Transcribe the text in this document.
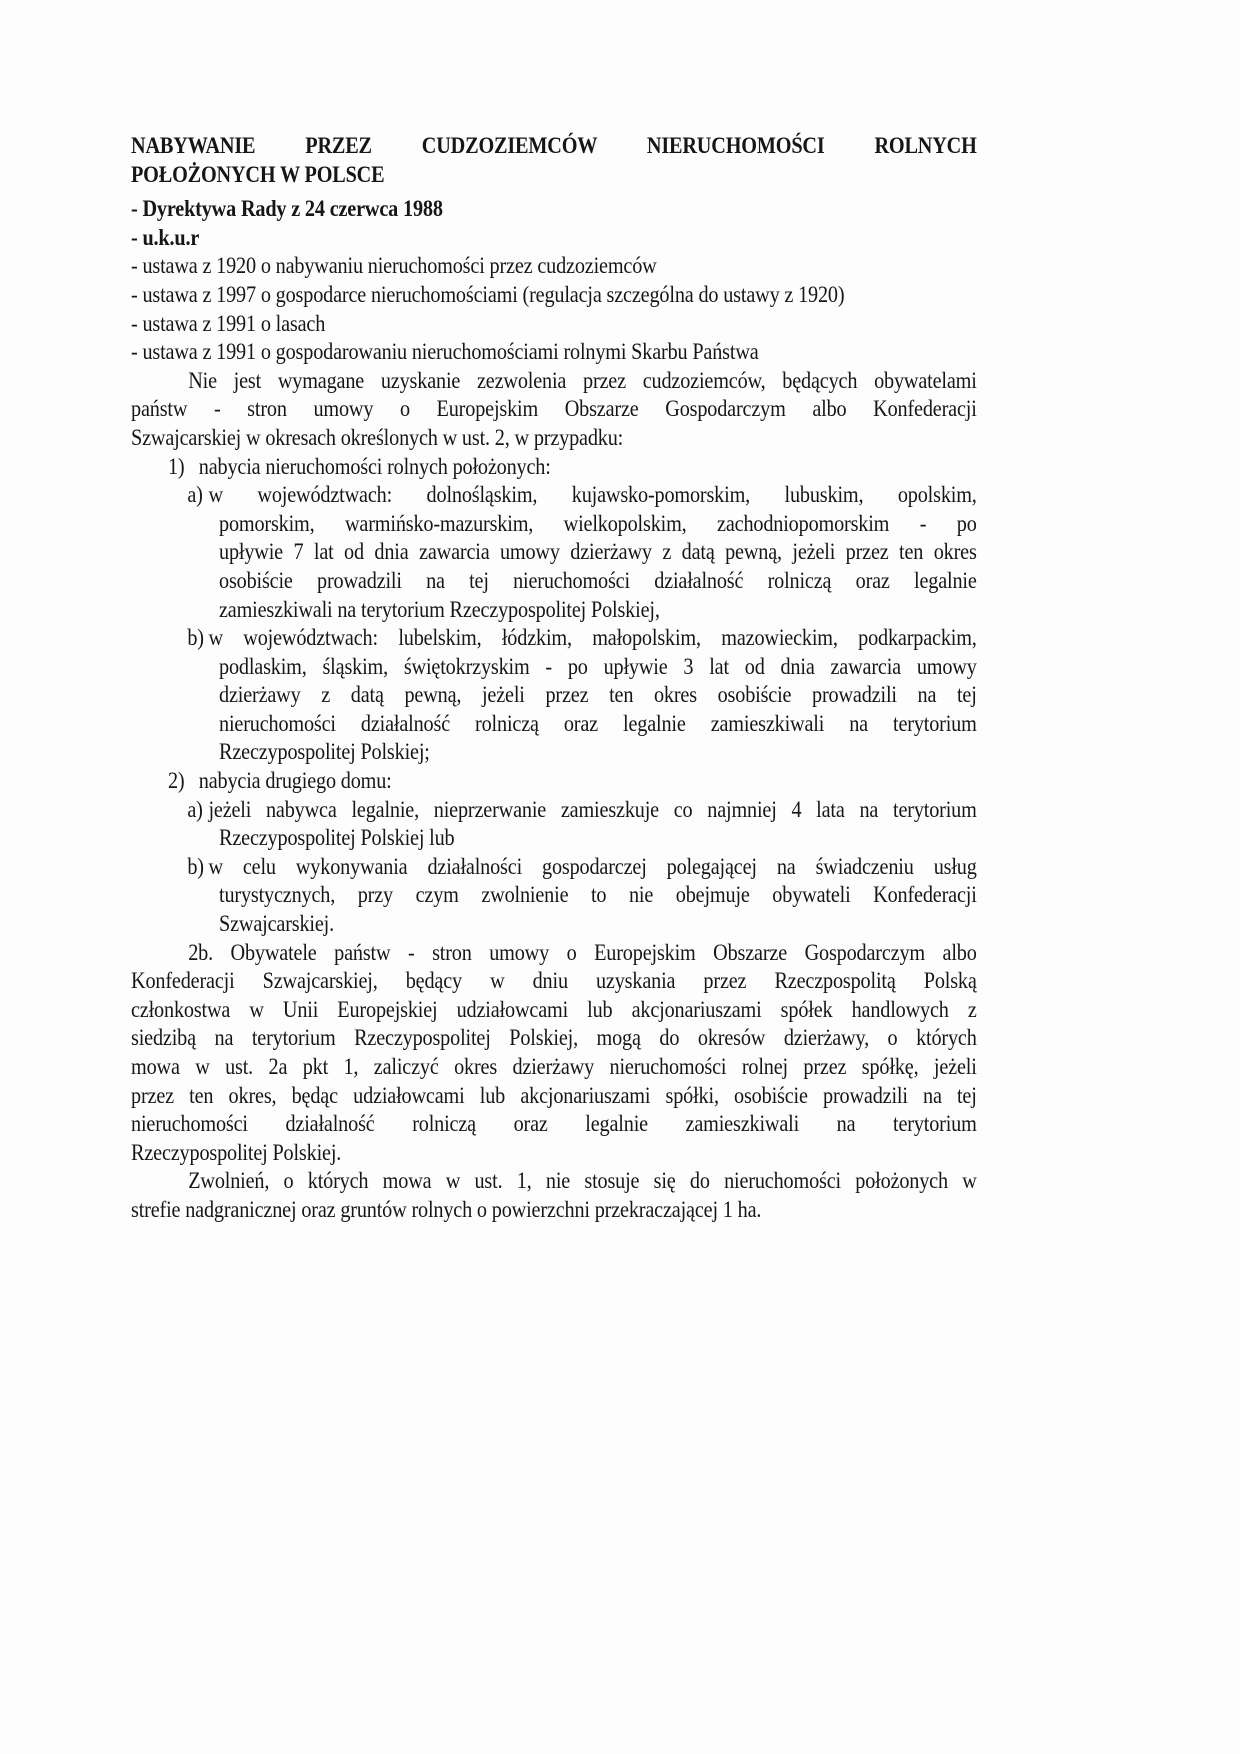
NABYWANIE PRZEZ CUDZOZIEMCÓW NIERUCHOMOŚCI ROLNYCH
POŁOŻONYCH W POLSCE
- Dyrektywa Rady z 24 czerwca 1988
- u.k.u.r
- ustawa z 1920 o nabywaniu nieruchomości przez cudzoziemców
- ustawa z 1997 o gospodarce nieruchomościami (regulacja szczególna do ustawy z 1920)
- ustawa z 1991 o lasach
- ustawa z 1991 o gospodarowaniu nieruchomościami rolnymi Skarbu Państwa
Nie jest wymagane uzyskanie zezwolenia przez cudzoziemców, będących obywatelami
państw - stron umowy o Europejskim Obszarze Gospodarczym albo Konfederacji
Szwajcarskiej w okresach określonych w ust. 2, w przypadku:
1) nabycia nieruchomości rolnych położonych:
a) w województwach: dolnośląskim, kujawsko-pomorskim, lubuskim, opolskim,
pomorskim, warmińsko-mazurskim, wielkopolskim, zachodniopomorskim - po
upływie 7 lat od dnia zawarcia umowy dzierżawy z datą pewną, jeżeli przez ten okres
osobiście prowadzili na tej nieruchomości działalność rolniczą oraz legalnie
zamieszkiwali na terytorium Rzeczypospolitej Polskiej,
b) w województwach: lubelskim, łódzkim, małopolskim, mazowieckim, podkarpackim,
podlaskim, śląskim, świętokrzyskim - po upływie 3 lat od dnia zawarcia umowy
dzierżawy z datą pewną, jeżeli przez ten okres osobiście prowadzili na tej
nieruchomości działalność rolniczą oraz legalnie zamieszkiwali na terytorium
Rzeczypospolitej Polskiej;
2) nabycia drugiego domu:
a) jeżeli nabywca legalnie, nieprzerwanie zamieszkuje co najmniej 4 lata na terytorium
Rzeczypospolitej Polskiej lub
b) w celu wykonywania działalności gospodarczej polegającej na świadczeniu usług
turystycznych, przy czym zwolnienie to nie obejmuje obywateli Konfederacji
Szwajcarskiej.
2b. Obywatele państw - stron umowy o Europejskim Obszarze Gospodarczym albo
Konfederacji Szwajcarskiej, będący w dniu uzyskania przez Rzeczpospolitą Polską
członkostwa w Unii Europejskiej udziałowcami lub akcjonariuszami spółek handlowych z
siedzibą na terytorium Rzeczypospolitej Polskiej, mogą do okresów dzierżawy, o których
mowa w ust. 2a pkt 1, zaliczyć okres dzierżawy nieruchomości rolnej przez spółkę, jeżeli
przez ten okres, będąc udziałowcami lub akcjonariuszami spółki, osobiście prowadzili na tej
nieruchomości działalność rolniczą oraz legalnie zamieszkiwali na terytorium
Rzeczypospolitej Polskiej.
Zwolnień, o których mowa w ust. 1, nie stosuje się do nieruchomości położonych w
strefie nadgranicznej oraz gruntów rolnych o powierzchni przekraczającej 1 ha.
